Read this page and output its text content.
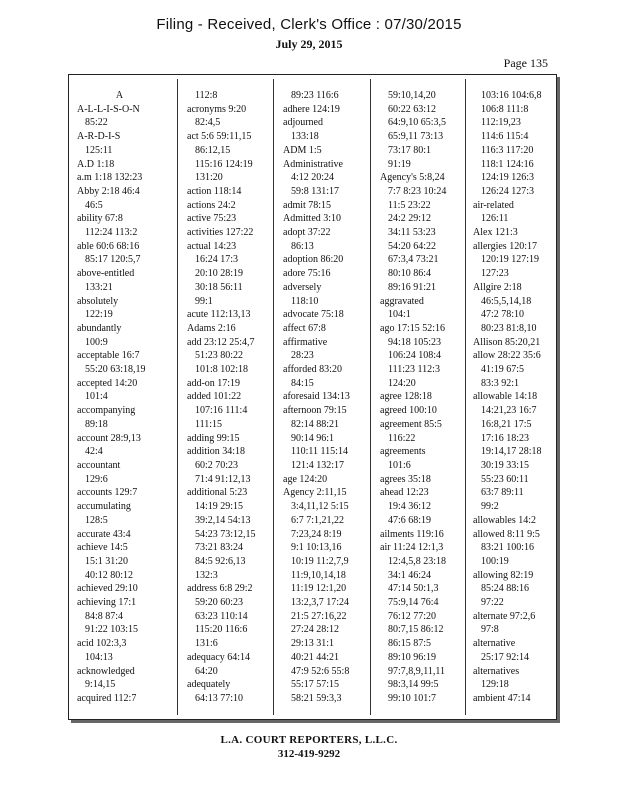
Filing - Received, Clerk's Office : 07/30/2015
July 29, 2015
Page 135
A
A-L-L-I-S-O-N
85:22
A-R-D-I-S
125:11
A.D 1:18
a.m 1:18 132:23
Abby 2:18 46:4
46:5
ability 67:8
112:24 113:2
able 60:6 68:16
85:17 120:5,7
above-entitled
133:21
absolutely
122:19
abundantly
100:9
acceptable 16:7
55:20 63:18,19
accepted 14:20
101:4
accompanying
89:18
account 28:9,13
42:4
accountant
129:6
accounts 129:7
accumulating
128:5
accurate 43:4
achieve 14:5
15:1 31:20
40:12 80:12
achieved 29:10
achieving 17:1
84:8 87:4
91:22 103:15
acid 102:3,3
104:13
acknowledged
9:14,15
acquired 112:7
112:8
acronyms 9:20
82:4,5
act 5:6 59:11,15
86:12,15
115:16 124:19
131:20
action 118:14
actions 24:2
active 75:23
activities 127:22
actual 14:23
16:24 17:3
20:10 28:19
30:18 56:11
99:1
acute 112:13,13
Adams 2:16
add 23:12 25:4,7
51:23 80:22
101:8 102:18
add-on 17:19
added 101:22
107:16 111:4
111:15
adding 99:15
addition 34:18
60:2 70:23
71:4 91:12,13
additional 5:23
14:19 29:15
39:2,14 54:13
54:23 73:12,15
73:21 83:24
84:5 92:6,13
132:3
address 6:8 29:2
59:20 60:23
63:23 110:14
115:20 116:6
131:6
adequacy 64:14
64:20
adequately
64:13 77:10
89:23 116:6
adhere 124:19
adjourned
133:18
ADM 1:5
Administrative
4:12 20:24
59:8 131:17
admit 78:15
Admitted 3:10
adopt 37:22
86:13
adoption 86:20
adore 75:16
adversely
118:10
advocate 75:18
affect 67:8
affirmative
28:23
afforded 83:20
84:15
aforesaid 134:13
afternoon 79:15
82:14 88:21
90:14 96:1
110:11 115:14
121:4 132:17
age 124:20
Agency 2:11,15
3:4,11,12 5:15
6:7 7:1,21,22
7:23,24 8:19
9:1 10:13,16
10:19 11:2,7,9
11:9,10,14,18
11:19 12:1,20
13:2,3,7 17:24
21:5 27:16,22
27:24 28:12
29:13 31:1
40:21 44:21
47:9 52:6 55:8
55:17 57:15
58:21 59:3,3
59:10,14,20
60:22 63:12
64:9,10 65:3,5
65:9,11 73:13
73:17 80:1
91:19
Agency's 5:8,24
7:7 8:23 10:24
11:5 23:22
24:2 29:12
34:11 53:23
54:20 64:22
67:3,4 73:21
80:10 86:4
89:16 91:21
aggravated
104:1
ago 17:15 52:16
94:18 105:23
106:24 108:4
111:23 112:3
124:20
agree 128:18
agreed 100:10
agreement 85:5
116:22
agreements
101:6
agrees 35:18
ahead 12:23
19:4 36:12
47:6 68:19
ailments 119:16
air 11:24 12:1,3
12:4,5,8 23:18
34:1 46:24
47:14 50:1,3
75:9,14 76:4
76:12 77:20
80:7,15 86:12
86:15 87:5
89:10 96:19
97:7,8,9,11,11
98:3,14 99:5
99:10 101:7
103:16 104:6,8
106:8 111:8
112:19,23
114:6 115:4
116:3 117:20
118:1 124:16
124:19 126:3
126:24 127:3
air-related
126:11
Alex 121:3
allergies 120:17
120:19 127:19
127:23
Allgire 2:18
46:5,5,14,18
47:2 78:10
80:23 81:8,10
Allison 85:20,21
allow 28:22 35:6
41:19 67:5
83:3 92:1
allowable 14:18
14:21,23 16:7
16:8,21 17:5
17:16 18:23
19:14,17 28:18
30:19 33:15
55:23 60:11
63:7 89:11
99:2
allowables 14:2
allowed 8:11 9:5
83:21 100:16
100:19
allowing 82:19
85:24 88:16
97:22
alternate 97:2,6
97:8
alternative
25:17 92:14
alternatives
129:18
ambient 47:14
L.A. COURT REPORTERS, L.L.C.
312-419-9292
